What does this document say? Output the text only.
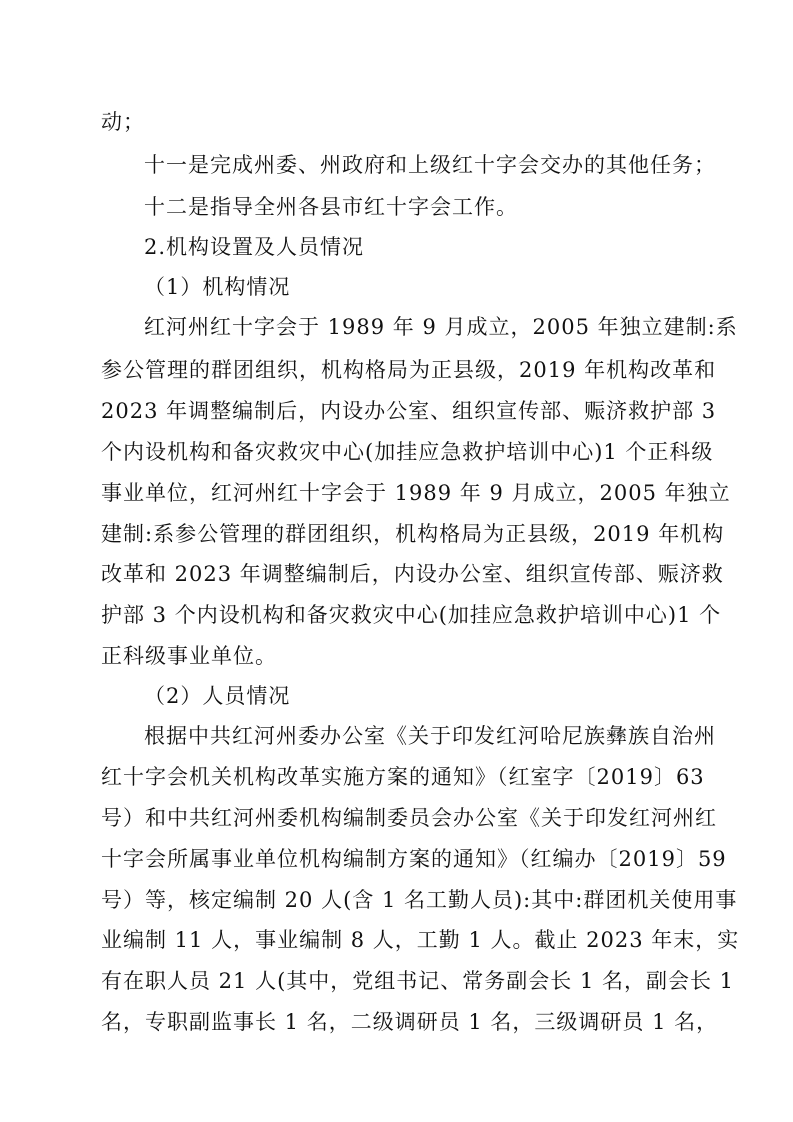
动；
十一是完成州委、州政府和上级红十字会交办的其他任务；
十二是指导全州各县市红十字会工作。
2.机构设置及人员情况
（1）机构情况
红河州红十字会于 1989 年 9 月成立，2005 年独立建制:系
参公管理的群团组织，机构格局为正县级，2019 年机构改革和
2023 年调整编制后，内设办公室、组织宣传部、赈济救护部 3
个内设机构和备灾救灾中心(加挂应急救护培训中心)1 个正科级
事业单位，红河州红十字会于 1989 年 9 月成立，2005 年独立
建制:系参公管理的群团组织，机构格局为正县级，2019 年机构
改革和 2023 年调整编制后，内设办公室、组织宣传部、赈济救
护部 3 个内设机构和备灾救灾中心(加挂应急救护培训中心)1 个
正科级事业单位。
（2）人员情况
根据中共红河州委办公室《关于印发红河哈尼族彝族自治州
红十字会机关机构改革实施方案的通知》（红室字〔2019〕63
号）和中共红河州委机构编制委员会办公室《关于印发红河州红
十字会所属事业单位机构编制方案的通知》（红编办〔2019〕59
号）等，核定编制 20 人(含 1 名工勤人员):其中:群团机关使用事
业编制 11 人，事业编制 8 人，工勤 1 人。截止 2023 年末，实
有在职人员 21 人(其中，党组书记、常务副会长 1 名，副会长 1
名，专职副监事长 1 名，二级调研员 1 名，三级调研员 1 名，
